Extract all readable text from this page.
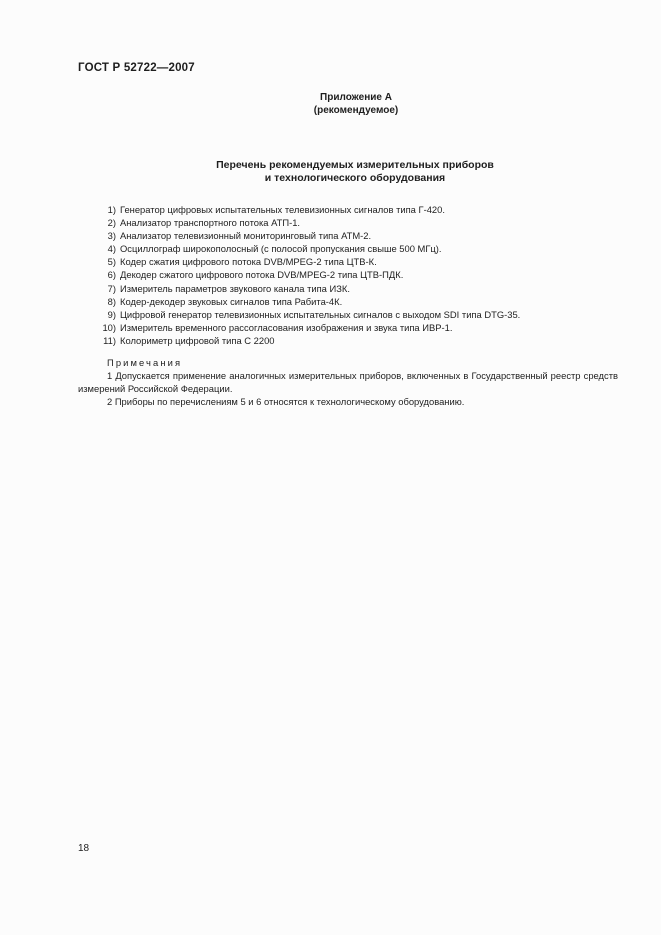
ГОСТ Р 52722—2007
Приложение А
(рекомендуемое)
Перечень рекомендуемых измерительных приборов
и технологического оборудования
1) Генератор цифровых испытательных телевизионных сигналов типа Г-420.
2) Анализатор транспортного потока АТП-1.
3) Анализатор телевизионный мониторинговый типа АТМ-2.
4) Осциллограф широкополосный (с полосой пропускания свыше 500 МГц).
5) Кодер сжатия цифрового потока DVB/MPEG-2 типа ЦТВ-К.
6) Декодер сжатого цифрового потока DVB/MPEG-2 типа ЦТВ-ПДК.
7) Измеритель параметров звукового канала типа ИЗК.
8) Кодер-декодер звуковых сигналов типа Рабита-4К.
9) Цифровой генератор телевизионных испытательных сигналов с выходом SDI типа DTG-35.
10) Измеритель временного рассогласования изображения и звука типа ИВР-1.
11) Колориметр цифровой типа С 2200
Примечания

1 Допускается применение аналогичных измерительных приборов, включенных в Государственный реестр средств измерений Российской Федерации.

2 Приборы по перечислениям 5 и 6 относятся к технологическому оборудованию.

18
